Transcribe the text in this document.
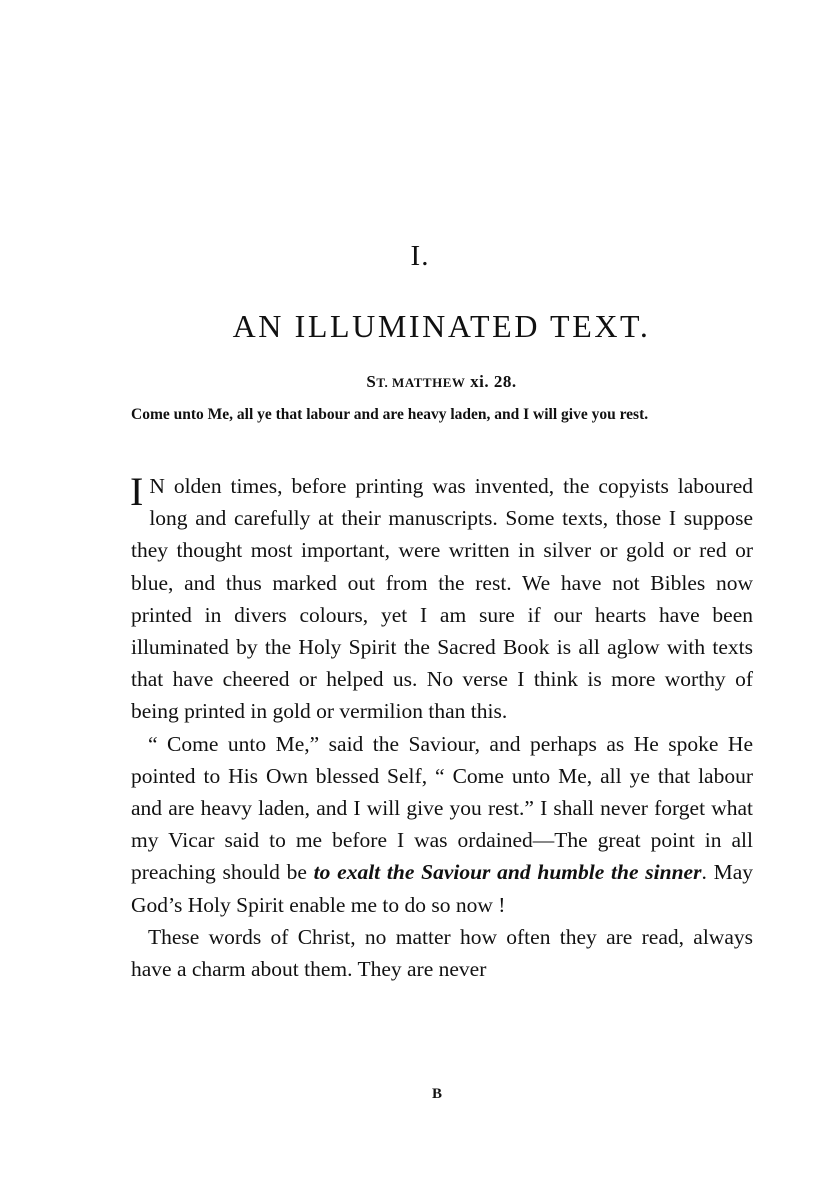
I.
AN ILLUMINATED TEXT.
ST. MATTHEW xi. 28.
Come unto Me, all ye that labour and are heavy laden, and I will give you rest.

I N olden times, before printing was invented, the copyists laboured long and carefully at their manuscripts. Some texts, those I suppose they thought most important, were written in silver or gold or red or blue, and thus marked out from the rest. We have not Bibles now printed in divers colours, yet I am sure if our hearts have been illuminated by the Holy Spirit the Sacred Book is all aglow with texts that have cheered or helped us. No verse I think is more worthy of being printed in gold or vermilion than this.

“ Come unto Me,” said the Saviour, and perhaps as He spoke He pointed to His Own blessed Self, “ Come unto Me, all ye that labour and are heavy laden, and I will give you rest.” I shall never forget what my Vicar said to me before I was ordained—The great point in all preaching should be to exalt the Saviour and humble the sinner. May God’s Holy Spirit enable me to do so now !

These words of Christ, no matter how often they are read, always have a charm about them. They are never

B
